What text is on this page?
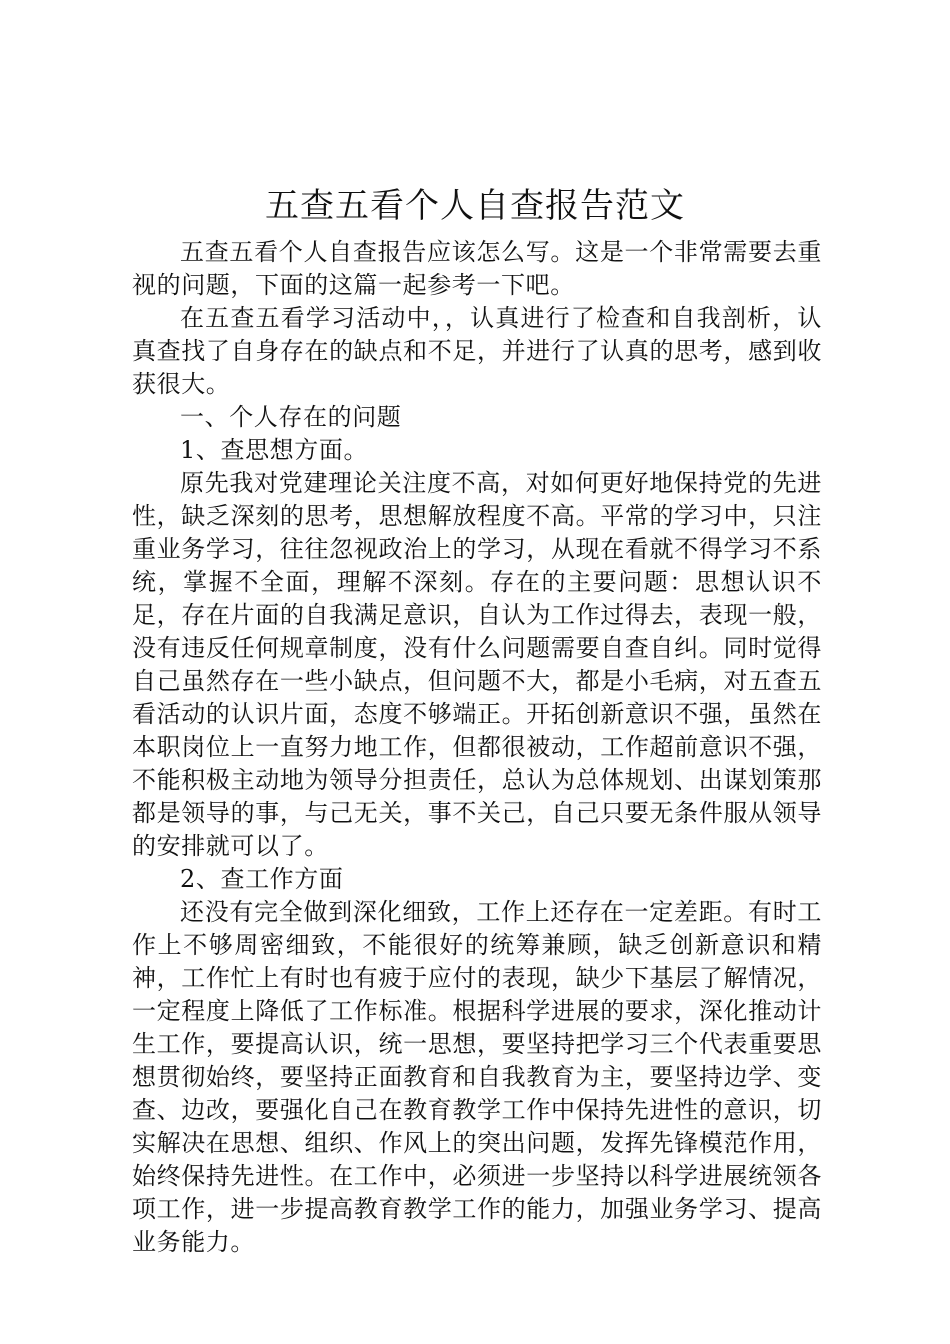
五查五看个人自查报告范文

五查五看个人自查报告应该怎么写。这是一个非常需要去重视的问题，下面的这篇一起参考一下吧。

在五查五看学习活动中，，认真进行了检查和自我剖析，认真查找了自身存在的缺点和不足，并进行了认真的思考，感到收获很大。

一、个人存在的问题

1、查思想方面。

原先我对党建理论关注度不高，对如何更好地保持党的先进性，缺乏深刻的思考，思想解放程度不高。平常的学习中，只注重业务学习，往往忽视政治上的学习，从现在看就不得学习不系统，掌握不全面，理解不深刻。存在的主要问题：思想认识不足，存在片面的自我满足意识，自认为工作过得去，表现一般，没有违反任何规章制度，没有什么问题需要自查自纠。同时觉得自己虽然存在一些小缺点，但问题不大，都是小毛病，对五查五看活动的认识片面，态度不够端正。开拓创新意识不强，虽然在本职岗位上一直努力地工作，但都很被动，工作超前意识不强，不能积极主动地为领导分担责任，总认为总体规划、出谋划策那都是领导的事，与己无关，事不关己，自己只要无条件服从领导的安排就可以了。

2、查工作方面

还没有完全做到深化细致，工作上还存在一定差距。有时工作上不够周密细致，不能很好的统筹兼顾，缺乏创新意识和精神，工作忙上有时也有疲于应付的表现，缺少下基层了解情况，一定程度上降低了工作标准。根据科学进展的要求，深化推动计生工作，要提高认识，统一思想，要坚持把学习三个代表重要思想贯彻始终，要坚持正面教育和自我教育为主，要坚持边学、变查、边改，要强化自己在教育教学工作中保持先进性的意识，切实解决在思想、组织、作风上的突出问题，发挥先锋模范作用，始终保持先进性。在工作中，必须进一步坚持以科学进展统领各项工作，进一步提高教育教学工作的能力，加强业务学习、提高业务能力。
